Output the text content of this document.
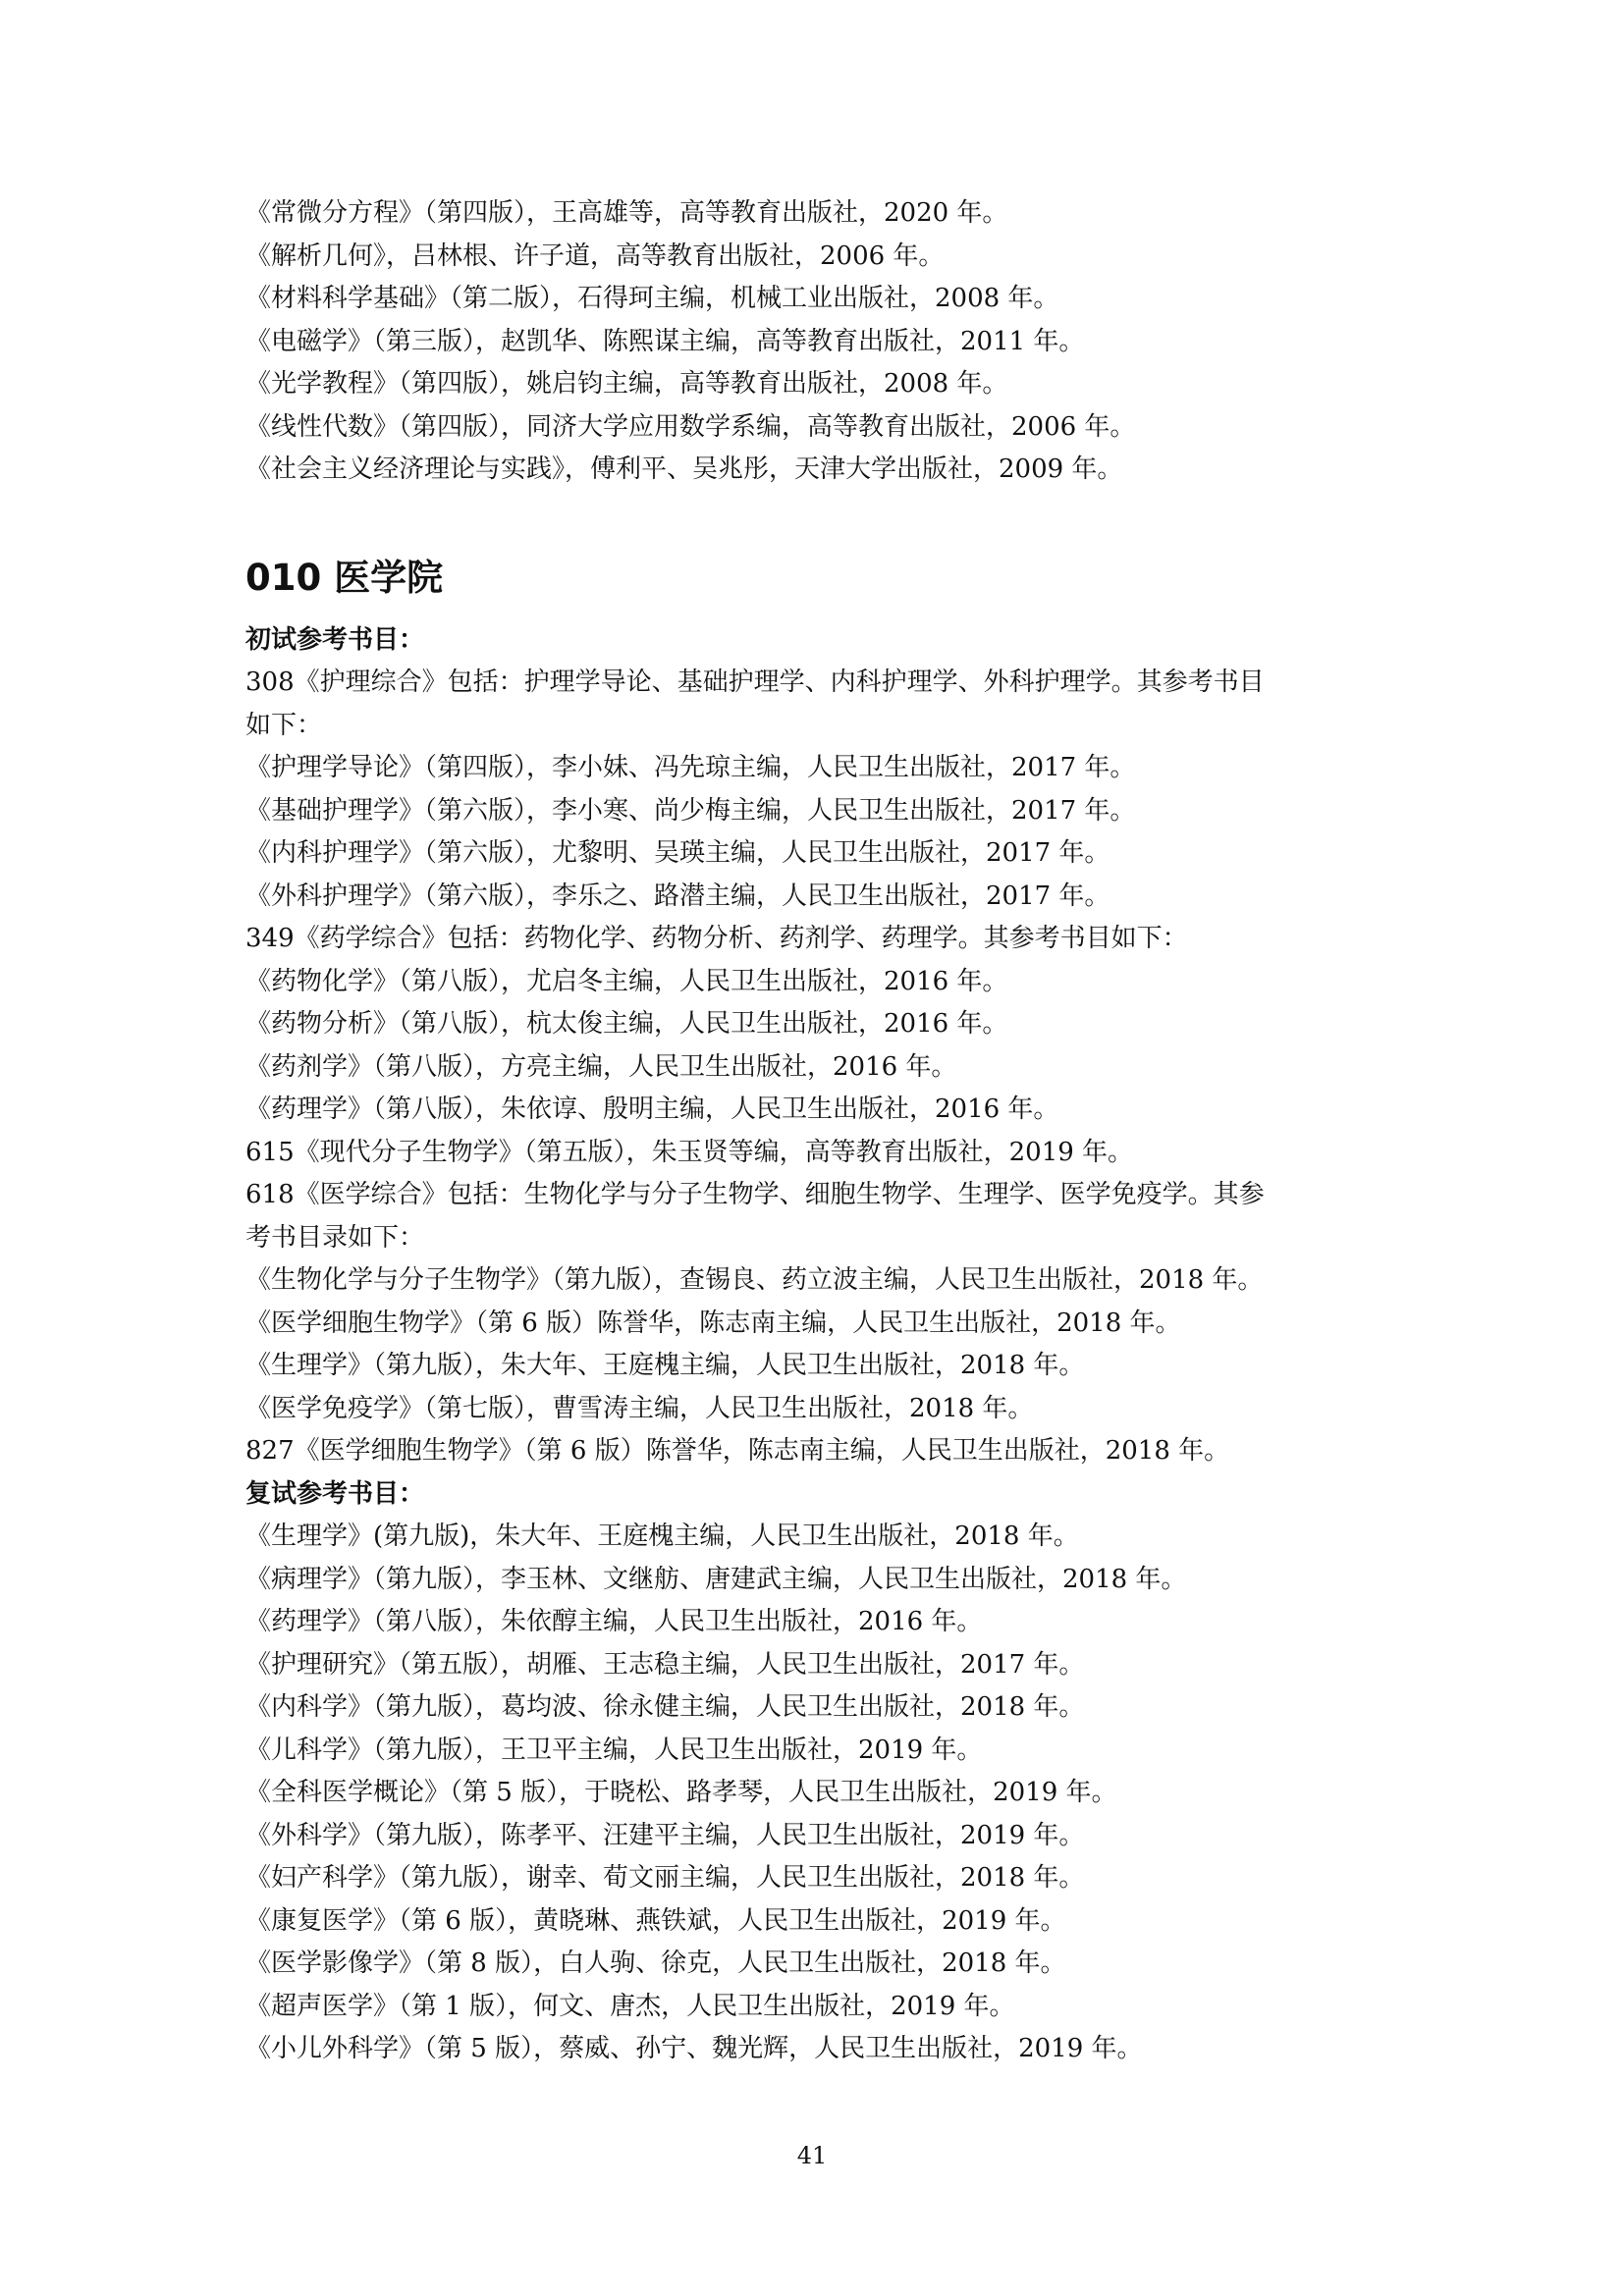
《常微分方程》（第四版），王高雄等，高等教育出版社，2020 年。
《解析几何》，吕林根、许子道，高等教育出版社，2006 年。
《材料科学基础》（第二版），石得珂主编，机械工业出版社，2008 年。
《电磁学》（第三版），赵凯华、陈熙谋主编，高等教育出版社，2011 年。
《光学教程》（第四版），姚启钧主编，高等教育出版社，2008 年。
《线性代数》（第四版），同济大学应用数学系编，高等教育出版社，2006 年。
《社会主义经济理论与实践》，傅利平、吴兆彤，天津大学出版社，2009 年。
010 医学院
初试参考书目：
308《护理综合》包括：护理学导论、基础护理学、内科护理学、外科护理学。其参考书目
如下：
《护理学导论》（第四版），李小妹、冯先琼主编，人民卫生出版社，2017 年。
《基础护理学》（第六版），李小寒、尚少梅主编，人民卫生出版社，2017 年。
《内科护理学》（第六版），尤黎明、吴瑛主编，人民卫生出版社，2017 年。
《外科护理学》（第六版），李乐之、路潜主编，人民卫生出版社，2017 年。
349《药学综合》包括：药物化学、药物分析、药剂学、药理学。其参考书目如下：
《药物化学》（第八版），尤启冬主编，人民卫生出版社，2016 年。
《药物分析》（第八版），杭太俊主编，人民卫生出版社，2016 年。
《药剂学》（第八版），方亮主编，人民卫生出版社，2016 年。
《药理学》（第八版），朱依谆、殷明主编，人民卫生出版社，2016 年。
615《现代分子生物学》（第五版），朱玉贤等编，高等教育出版社，2019 年。
618《医学综合》包括：生物化学与分子生物学、细胞生物学、生理学、医学免疫学。其参
考书目录如下：
《生物化学与分子生物学》（第九版），查锡良、药立波主编，人民卫生出版社，2018 年。
《医学细胞生物学》（第 6 版）陈誉华，陈志南主编，人民卫生出版社，2018 年。
《生理学》（第九版），朱大年、王庭槐主编，人民卫生出版社，2018 年。
《医学免疫学》（第七版），曹雪涛主编，人民卫生出版社，2018 年。
827《医学细胞生物学》（第 6 版）陈誉华，陈志南主编，人民卫生出版社，2018 年。
复试参考书目：
《生理学》(第九版)，朱大年、王庭槐主编，人民卫生出版社，2018 年。
《病理学》（第九版），李玉林、文继舫、唐建武主编，人民卫生出版社，2018 年。
《药理学》（第八版），朱依醇主编，人民卫生出版社，2016 年。
《护理研究》（第五版），胡雁、王志稳主编，人民卫生出版社，2017 年。
《内科学》（第九版），葛均波、徐永健主编，人民卫生出版社，2018 年。
《儿科学》（第九版），王卫平主编，人民卫生出版社，2019 年。
《全科医学概论》（第 5 版），于晓松、路孝琴，人民卫生出版社，2019 年。
《外科学》（第九版），陈孝平、汪建平主编，人民卫生出版社，2019 年。
《妇产科学》（第九版），谢幸、荀文丽主编，人民卫生出版社，2018 年。
《康复医学》（第 6 版），黄晓琳、燕铁斌，人民卫生出版社，2019 年。
《医学影像学》（第 8 版），白人驹、徐克，人民卫生出版社，2018 年。
《超声医学》（第 1 版），何文、唐杰，人民卫生出版社，2019 年。
《小儿外科学》（第 5 版），蔡威、孙宁、魏光辉，人民卫生出版社，2019 年。
41
